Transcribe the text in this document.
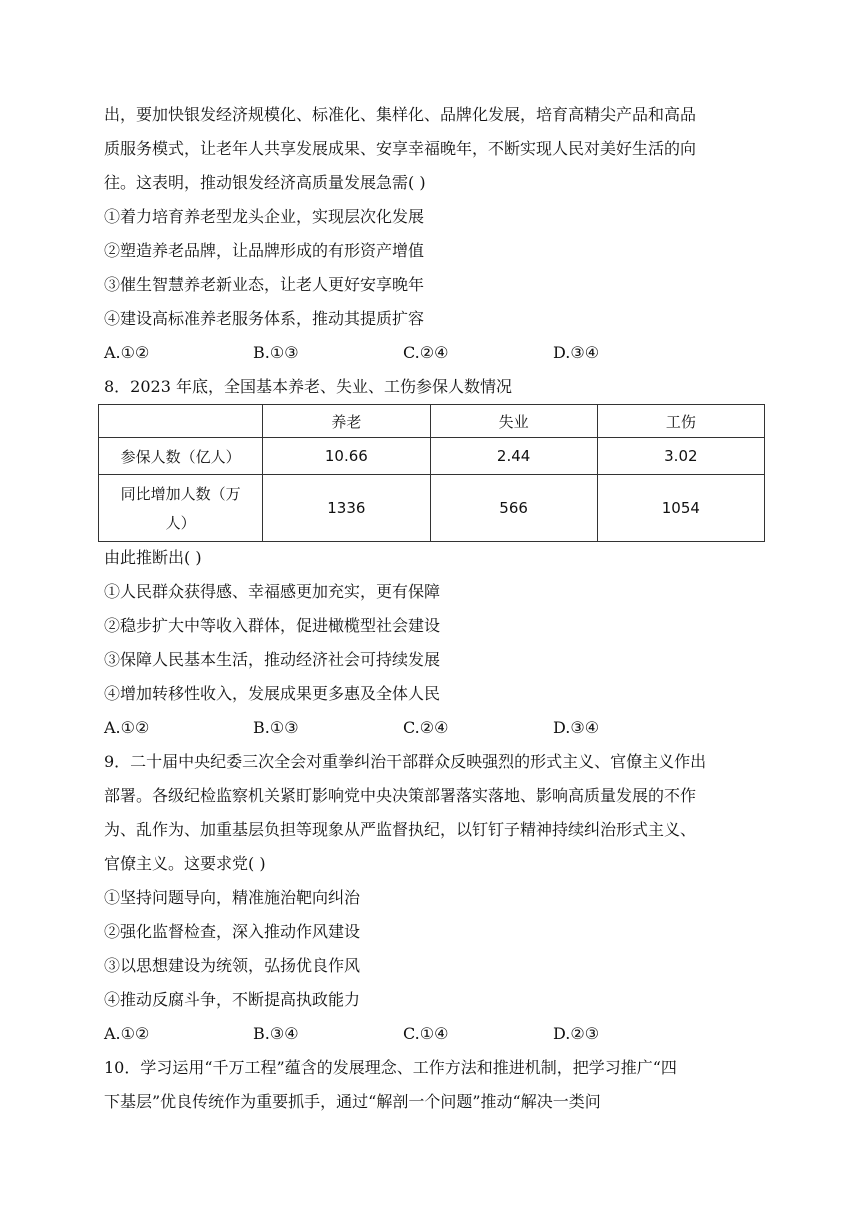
出，要加快银发经济规模化、标准化、集样化、品牌化发展，培育高精尖产品和高品
质服务模式，让老年人共享发展成果、安享幸福晚年，不断实现人民对美好生活的向
往。这表明，推动银发经济高质量发展急需( )
①着力培育养老型龙头企业，实现层次化发展
②塑造养老品牌，让品牌形成的有形资产增值
③催生智慧养老新业态，让老人更好安享晚年
④建设高标准养老服务体系，推动其提质扩容
A.①②	B.①③	C.②④	D.③④
8．2023 年底，全国基本养老、失业、工伤参保人数情况
	养老	失业	工伤
参保人数（亿人）	10.66	2.44	3.02

同比增加人数（万
人）	1336	566	1054
由此推断出( )
①人民群众获得感、幸福感更加充实，更有保障
②稳步扩大中等收入群体，促进橄榄型社会建设
③保障人民基本生活，推动经济社会可持续发展
④增加转移性收入，发展成果更多惠及全体人民
A.①②	B.①③	C.②④	D.③④
9．二十届中央纪委三次全会对重拳纠治干部群众反映强烈的形式主义、官僚主义作出
部署。各级纪检监察机关紧盯影响党中央决策部署落实落地、影响高质量发展的不作
为、乱作为、加重基层负担等现象从严监督执纪，以钉钉子精神持续纠治形式主义、
官僚主义。这要求党( )
①坚持问题导向，精准施治靶向纠治
②强化监督检查，深入推动作风建设
③以思想建设为统领，弘扬优良作风
④推动反腐斗争，不断提高执政能力
A.①②	B.③④	C.①④	D.②③
10．学习运用“千万工程”蕴含的发展理念、工作方法和推进机制，把学习推广“四
下基层”优良传统作为重要抓手，通过“解剖一个问题”推动“解决一类问
